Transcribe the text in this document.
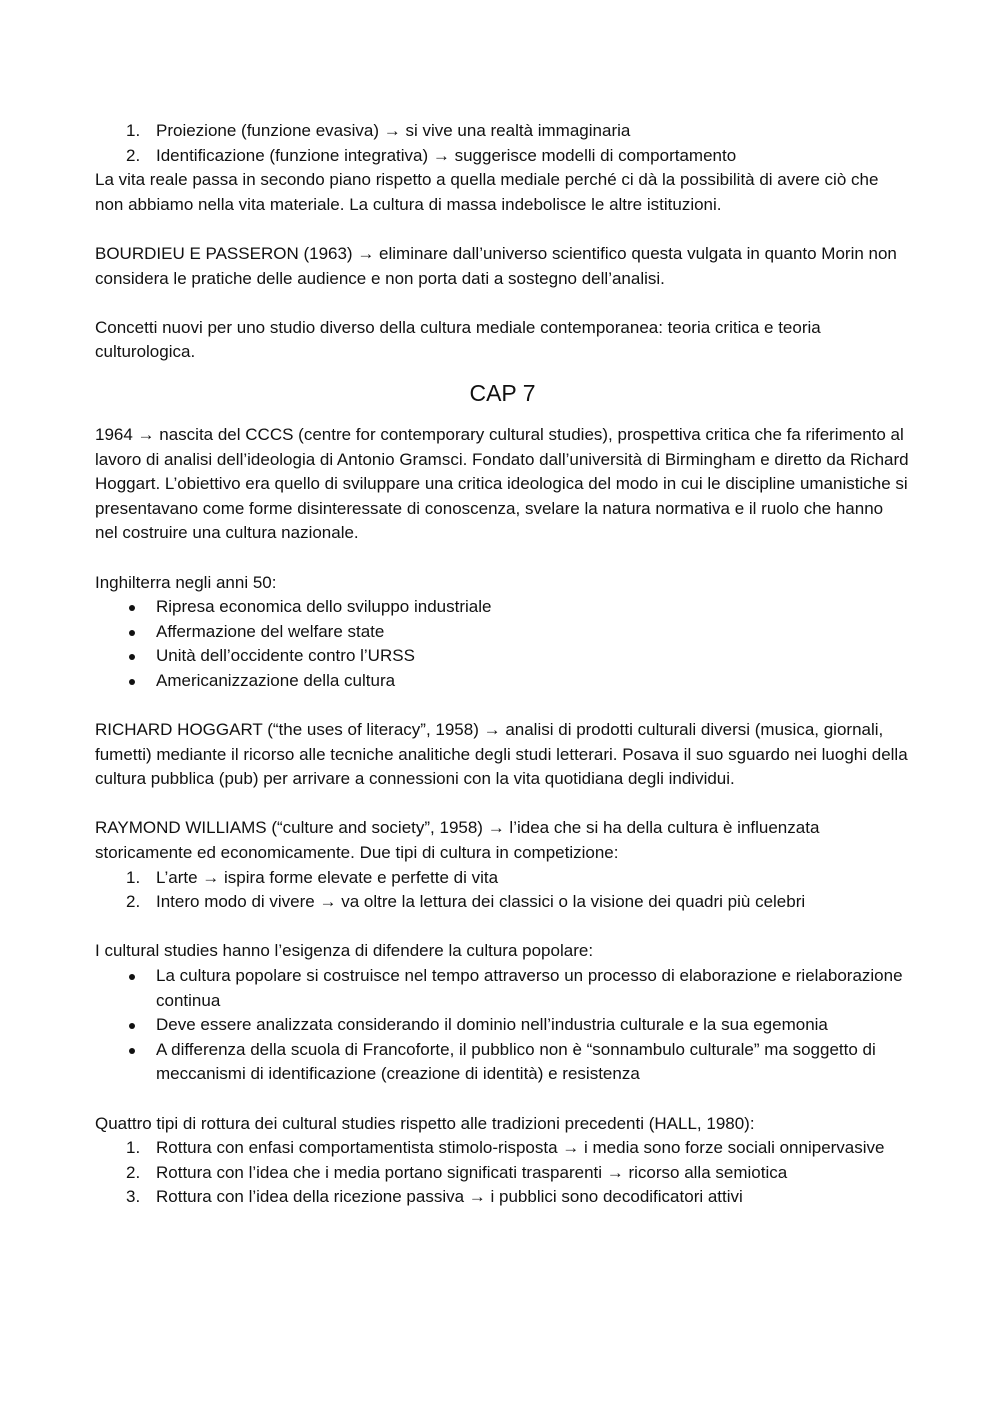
1. Proiezione (funzione evasiva) → si vive una realtà immaginaria
2. Identificazione (funzione integrativa) → suggerisce modelli di comportamento

La vita reale passa in secondo piano rispetto a quella mediale perché ci dà la possibilità di avere ciò che non abbiamo nella vita materiale. La cultura di massa indebolisce le altre istituzioni.

BOURDIEU E PASSERON (1963) → eliminare dall’universo scientifico questa vulgata in quanto Morin non considera le pratiche delle audience e non porta dati a sostegno dell’analisi.

Concetti nuovi per uno studio diverso della cultura mediale contemporanea: teoria critica e teoria culturologica.

CAP 7

1964 → nascita del CCCS (centre for contemporary cultural studies), prospettiva critica che fa riferimento al lavoro di analisi dell’ideologia di Antonio Gramsci. Fondato dall’università di Birmingham e diretto da Richard Hoggart. L’obiettivo era quello di sviluppare una critica ideologica del modo in cui le discipline umanistiche si presentavano come forme disinteressate di conoscenza, svelare la natura normativa e il ruolo che hanno nel costruire una cultura nazionale.

Inghilterra negli anni 50:

Ripresa economica dello sviluppo industriale
Affermazione del welfare state
Unità dell’occidente contro l’URSS
Americanizzazione della cultura

RICHARD HOGGART (“the uses of literacy”, 1958) → analisi di prodotti culturali diversi (musica, giornali, fumetti) mediante il ricorso alle tecniche analitiche degli studi letterari. Posava il suo sguardo nei luoghi della cultura pubblica (pub) per arrivare a connessioni con la vita quotidiana degli individui.

RAYMOND WILLIAMS (“culture and society”, 1958) → l’idea che si ha della cultura è influenzata storicamente ed economicamente. Due tipi di cultura in competizione:

1. L’arte → ispira forme elevate e perfette di vita
2. Intero modo di vivere → va oltre la lettura dei classici o la visione dei quadri più celebri

I cultural studies hanno l’esigenza di difendere la cultura popolare:

La cultura popolare si costruisce nel tempo attraverso un processo di elaborazione e rielaborazione continua
Deve essere analizzata considerando il dominio nell’industria culturale e la sua egemonia
A differenza della scuola di Francoforte, il pubblico non è “sonnambulo culturale” ma soggetto di meccanismi di identificazione (creazione di identità) e resistenza

Quattro tipi di rottura dei cultural studies rispetto alle tradizioni precedenti (HALL, 1980):

1. Rottura con enfasi comportamentista stimolo-risposta → i media sono forze sociali onnipervasive
2. Rottura con l’idea che i media portano significati trasparenti → ricorso alla semiotica
3. Rottura con l’idea della ricezione passiva → i pubblici sono decodificatori attivi
